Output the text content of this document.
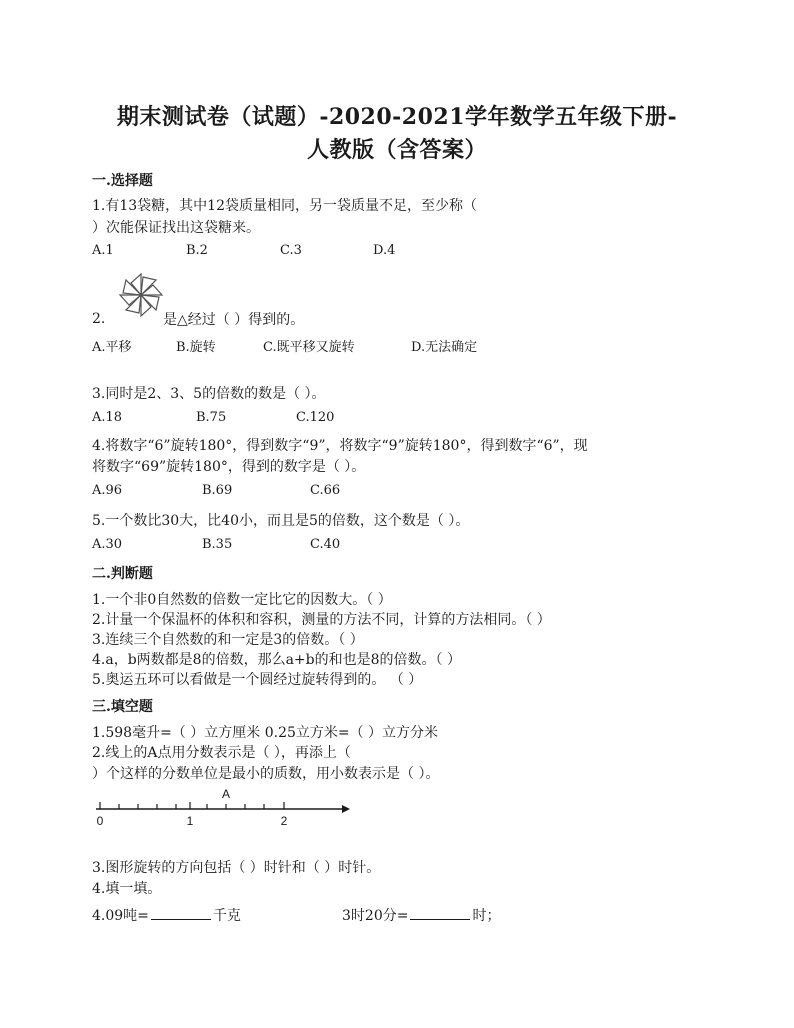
期末测试卷（试题）-2020-2021学年数学五年级下册-
人教版（含答案）
一.选择题
1.有13袋糖，其中12袋质量相同，另一袋质量不足，至少称（
）次能保证找出这袋糖来。
A.1	B.2	C.3	D.4
2.	是△经过（ ）得到的。
A.平移	B.旋转	C.既平移又旋转	D.无法确定
3.同时是2、3、5的倍数的数是（ ）。
A.18	B.75	C.120
4.将数字“6”旋转180°，得到数字“9”，将数字“9”旋转180°，得到数字“6”，现
将数字“69”旋转180°，得到的数字是（ ）。
A.96	B.69	C.66
5.一个数比30大，比40小，而且是5的倍数，这个数是（ ）。
A.30	B.35	C.40
二.判断题
1.一个非0自然数的倍数一定比它的因数大。（ ）
2.计量一个保温杯的体积和容积，测量的方法不同，计算的方法相同。（ ）
3.连续三个自然数的和一定是3的倍数。（ ）
4.a，b两数都是8的倍数，那么a+b的和也是8的倍数。（ ）
5.奥运五环可以看做是一个圆经过旋转得到的。 （ ）
三.填空题
1.598毫升=（ ）立方厘米 0.25立方米=（ ）立方分米
2.线上的A点用分数表示是（ ），再添上（
）个这样的分数单位是最小的质数，用小数表示是（ ）。
A
0	1	2
3.图形旋转的方向包括（ ）时针和（ ）时针。
4.填一填。
4.09吨=	千克	3时20分=	时；
